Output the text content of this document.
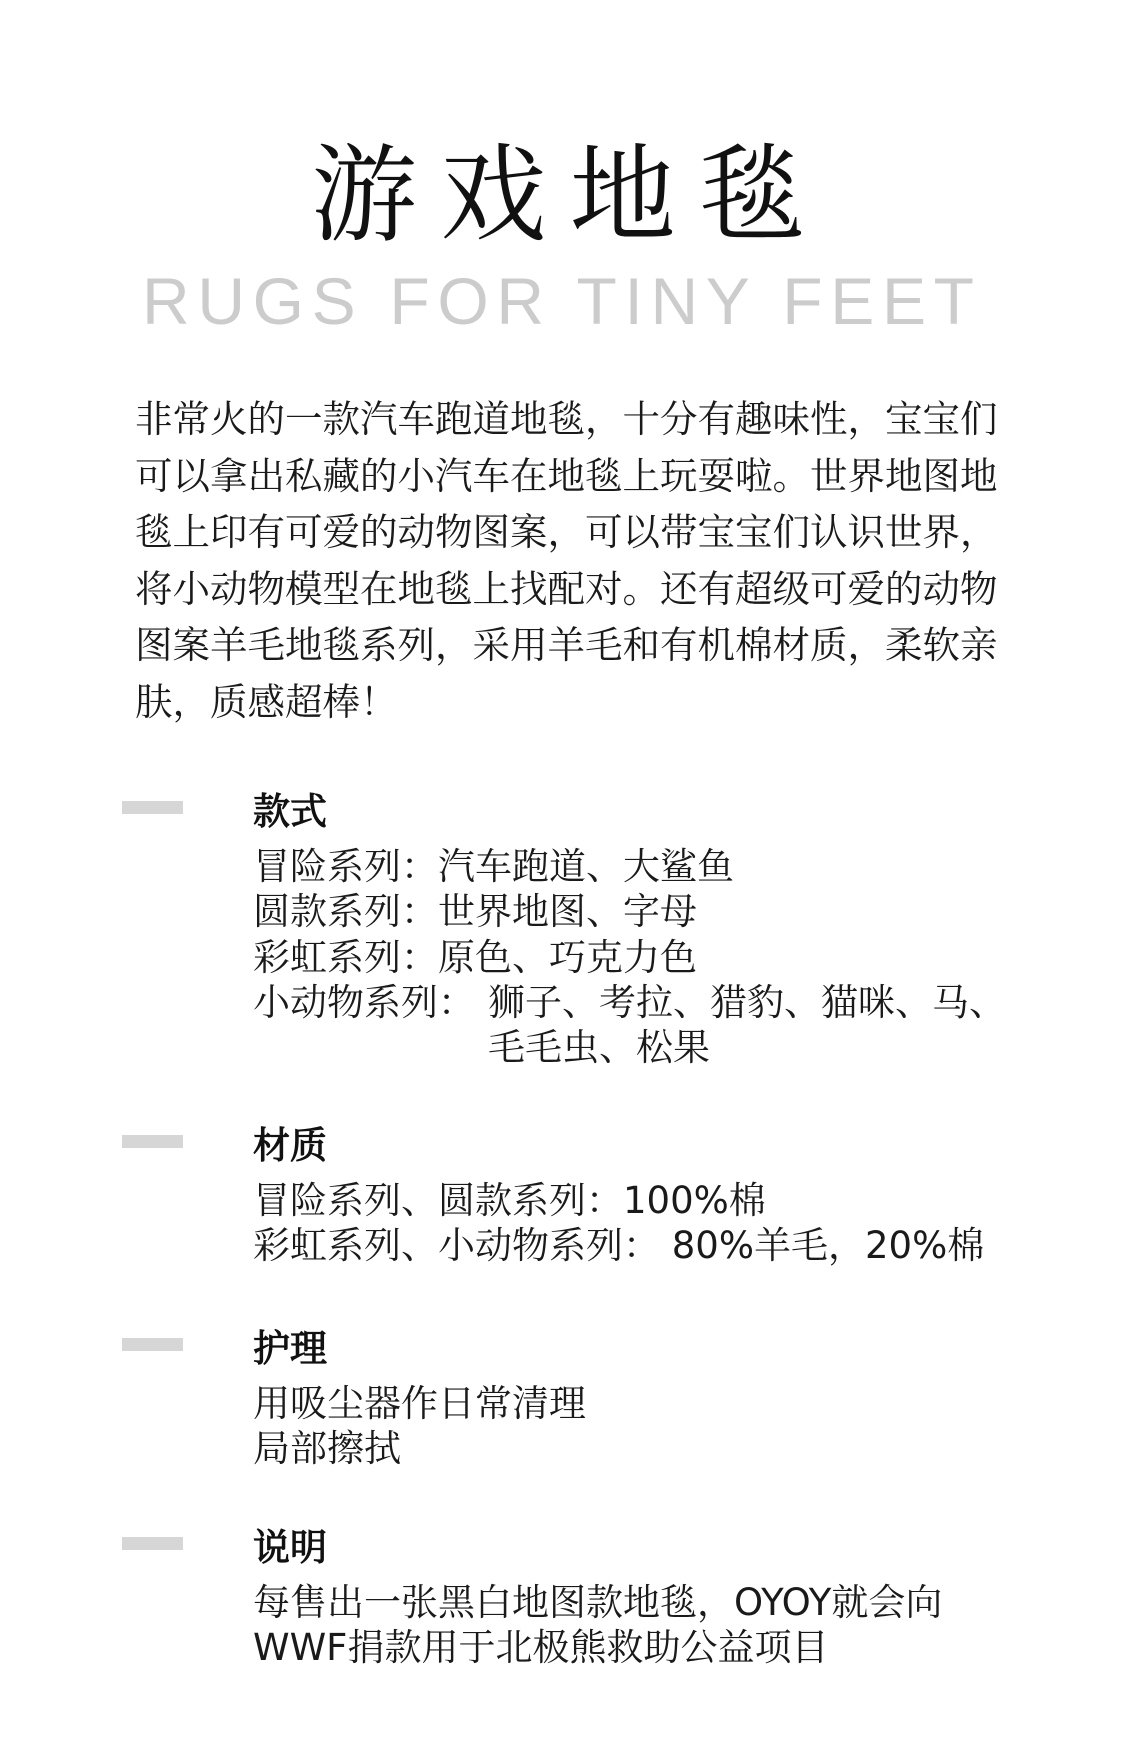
游戏地毯
RUGS FOR TINY FEET
非常火的一款汽车跑道地毯，十分有趣味性，宝宝们
可以拿出私藏的小汽车在地毯上玩耍啦。世界地图地
毯上印有可爱的动物图案，可以带宝宝们认识世界，
将小动物模型在地毯上找配对。还有超级可爱的动物
图案羊毛地毯系列，采用羊毛和有机棉材质，柔软亲
肤，质感超棒！
款式
冒险系列：汽车跑道、大鲨鱼
圆款系列：世界地图、字母
彩虹系列：原色、巧克力色
小动物系列： 狮子、考拉、猎豹、猫咪、马、
毛毛虫、松果
材质
冒险系列、圆款系列：100%棉
彩虹系列、小动物系列： 80%羊毛，20%棉
护理
用吸尘器作日常清理
局部擦拭
说明
每售出一张黑白地图款地毯，OYOY就会向
WWF捐款用于北极熊救助公益项目
